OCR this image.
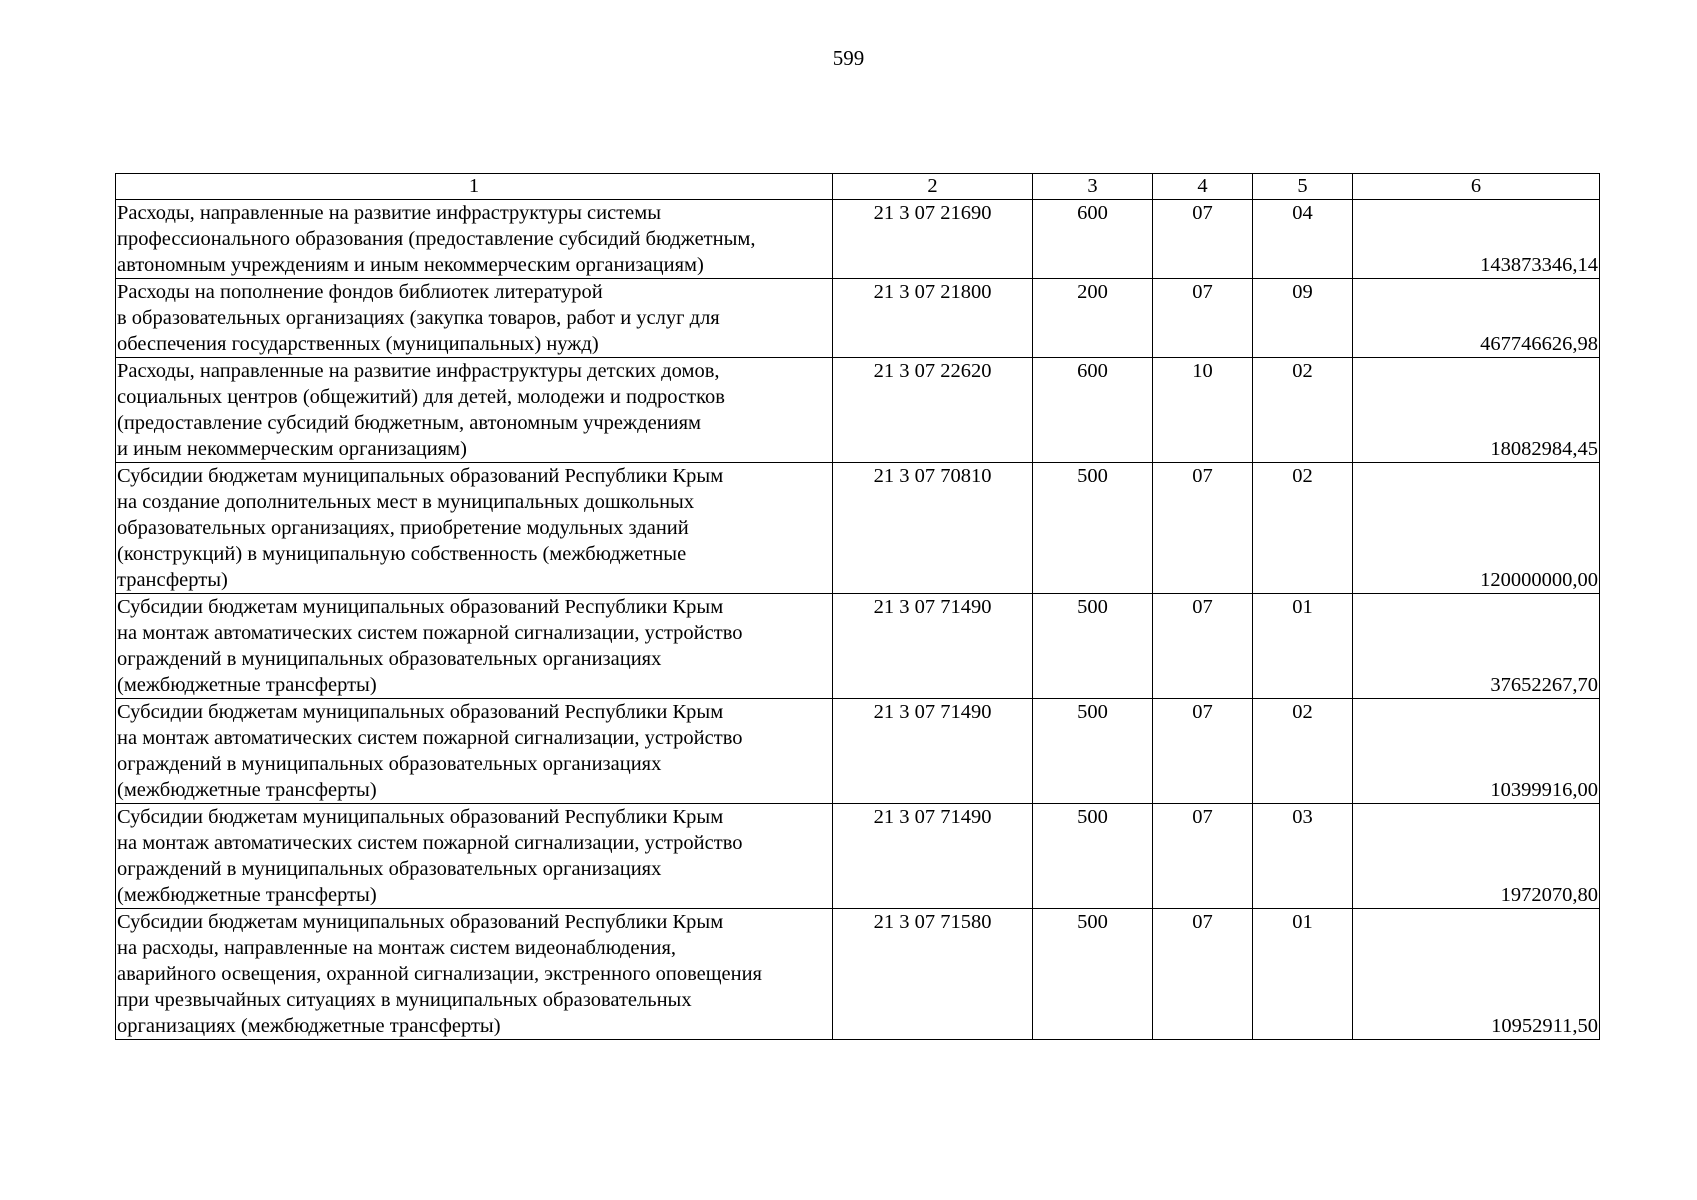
599
1	2	3	4	5	6

Расходы, направленные на развитие инфраструктуры системы
профессионального образования (предоставление субсидий бюджетным,
автономным учреждениям и иным некоммерческим организациям)	21 3 07 21690	600	07	04	143873346,14

Расходы на пополнение фондов библиотек литературой
в образовательных организациях (закупка товаров, работ и услуг для
обеспечения государственных (муниципальных) нужд)	21 3 07 21800	200	07	09	467746626,98

Расходы, направленные на развитие инфраструктуры детских домов,
социальных центров (общежитий) для детей, молодежи и подростков
(предоставление субсидий бюджетным, автономным учреждениям
и иным некоммерческим организациям)	21 3 07 22620	600	10	02	18082984,45

Субсидии бюджетам муниципальных образований Республики Крым
на создание дополнительных мест в муниципальных дошкольных
образовательных организациях, приобретение модульных зданий
(конструкций) в муниципальную собственность (межбюджетные
трансферты)	21 3 07 70810	500	07	02	120000000,00

Субсидии бюджетам муниципальных образований Республики Крым
на монтаж автоматических систем пожарной сигнализации, устройство
ограждений в муниципальных образовательных организациях
(межбюджетные трансферты)	21 3 07 71490	500	07	01	37652267,70

Субсидии бюджетам муниципальных образований Республики Крым
на монтаж автоматических систем пожарной сигнализации, устройство
ограждений в муниципальных образовательных организациях
(межбюджетные трансферты)	21 3 07 71490	500	07	02	10399916,00

Субсидии бюджетам муниципальных образований Республики Крым
на монтаж автоматических систем пожарной сигнализации, устройство
ограждений в муниципальных образовательных организациях
(межбюджетные трансферты)	21 3 07 71490	500	07	03	1972070,80

Субсидии бюджетам муниципальных образований Республики Крым
на расходы, направленные на монтаж систем видеонаблюдения,
аварийного освещения, охранной сигнализации, экстренного оповещения
при чрезвычайных ситуациях в муниципальных образовательных
организациях (межбюджетные трансферты)	21 3 07 71580	500	07	01	10952911,50
